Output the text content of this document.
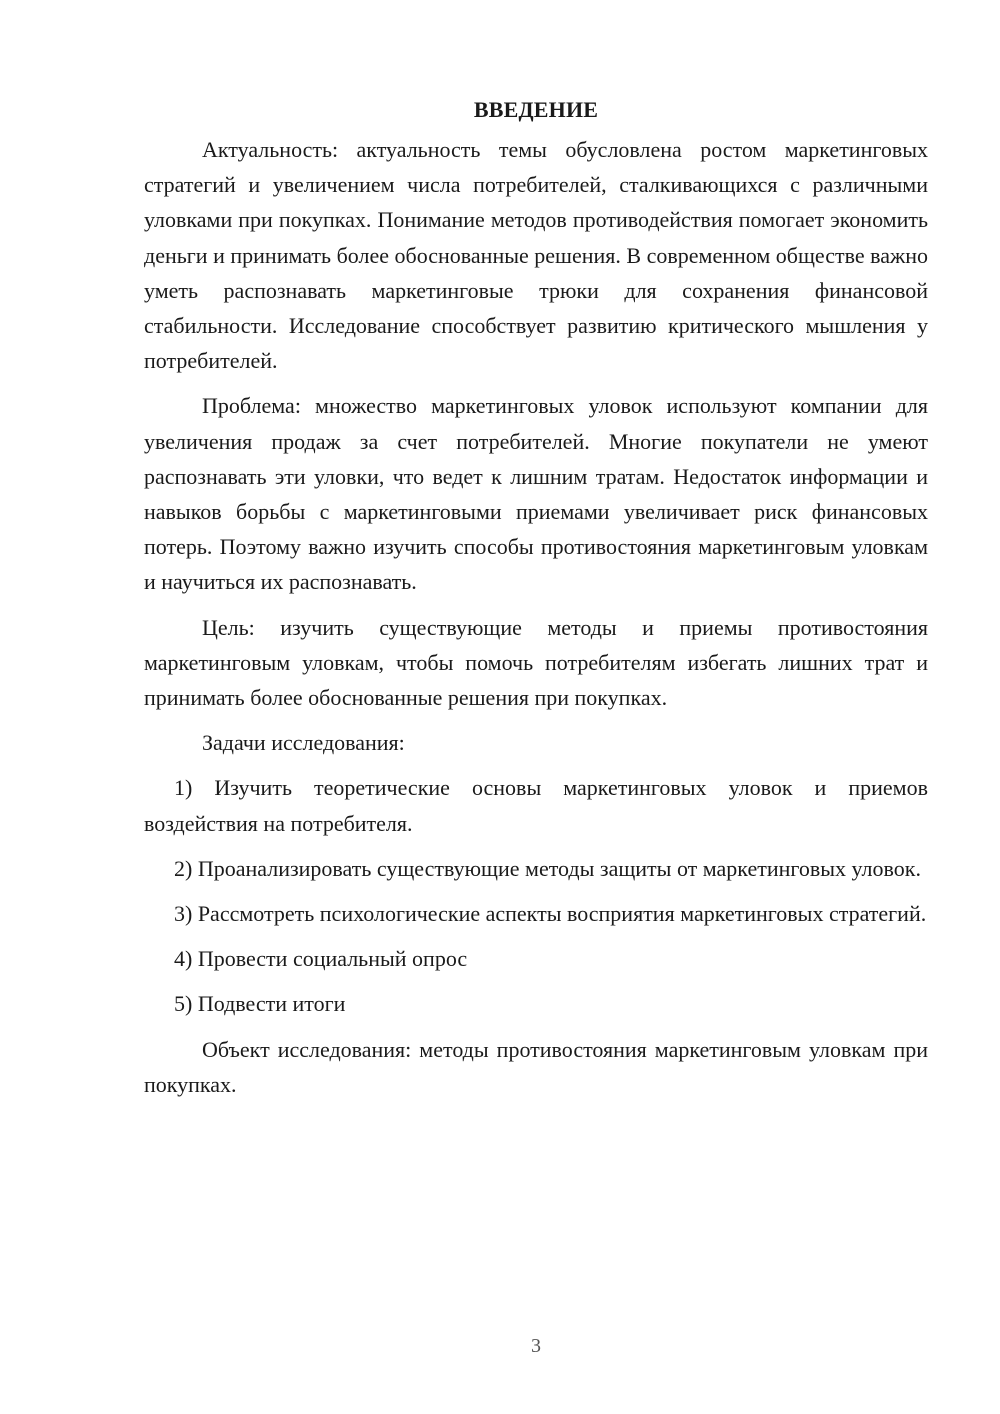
ВВЕДЕНИЕ

Актуальность: актуальность темы обусловлена ростом маркетинговых стратегий и увеличением числа потребителей, сталкивающихся с различными уловками при покупках. Понимание методов противодействия помогает экономить деньги и принимать более обоснованные решения. В современном обществе важно уметь распознавать маркетинговые трюки для сохранения финансовой стабильности. Исследование способствует развитию критического мышления у потребителей.

Проблема: множество маркетинговых уловок используют компании для увеличения продаж за счет потребителей. Многие покупатели не умеют распознавать эти уловки, что ведет к лишним тратам. Недостаток информации и навыков борьбы с маркетинговыми приемами увеличивает риск финансовых потерь. Поэтому важно изучить способы противостояния маркетинговым уловкам и научиться их распознавать.

Цель: изучить существующие методы и приемы противостояния маркетинговым уловкам, чтобы помочь потребителям избегать лишних трат и принимать более обоснованные решения при покупках.

Задачи исследования:

1) Изучить теоретические основы маркетинговых уловок и приемов воздействия на потребителя.

2) Проанализировать существующие методы защиты от маркетинговых уловок.

3) Рассмотреть психологические аспекты восприятия маркетинговых стратегий.

4) Провести социальный опрос

5) Подвести итоги

Объект исследования: методы противостояния маркетинговым уловкам при покупках.

3
